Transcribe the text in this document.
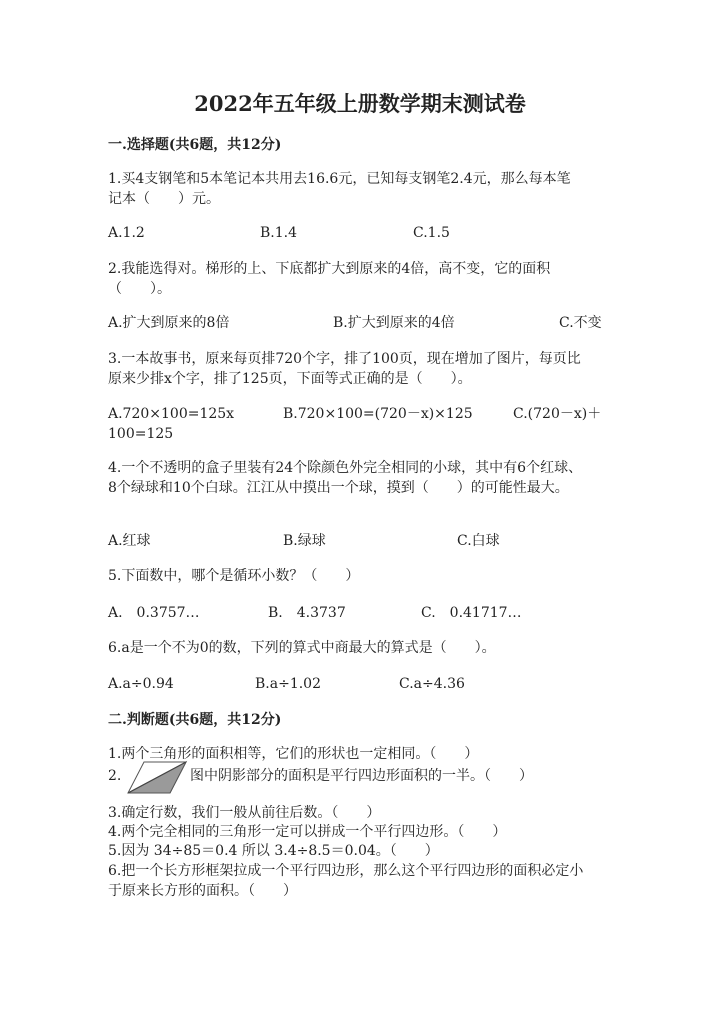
2022年五年级上册数学期末测试卷
一.选择题(共6题，共12分)
1.买4支钢笔和5本笔记本共用去16.6元，已知每支钢笔2.4元，那么每本笔
记本（　　）元。
A.1.2	B.1.4	C.1.5
2.我能选得对。梯形的上、下底都扩大到原来的4倍，高不变，它的面积
（　　）。
A.扩大到原来的8倍	B.扩大到原来的4倍	C.不变
3.一本故事书，原来每页排720个字，排了100页，现在增加了图片，每页比
原来少排x个字，排了125页，下面等式正确的是（　　）。
A.720×100=125x	B.720×100=(720－x)×125	C.(720－x)＋
100=125
4.一个不透明的盒子里装有24个除颜色外完全相同的小球，其中有6个红球、
8个绿球和10个白球。江江从中摸出一个球，摸到（　　）的可能性最大。
A.红球	B.绿球	C.白球
5.下面数中，哪个是循环小数？（　　）
A.　0.3757…	B.　4.3737	C.　0.41717…
6.a是一个不为0的数，下列的算式中商最大的算式是（　　）。
A.a÷0.94	B.a÷1.02	C.a÷4.36
二.判断题(共6题，共12分)
1.两个三角形的面积相等，它们的形状也一定相同。（　　）
2.	图中阴影部分的面积是平行四边形面积的一半。（　　）
3.确定行数，我们一般从前往后数。（　　）
4.两个完全相同的三角形一定可以拼成一个平行四边形。（　　）
5.因为 34÷85＝0.4 所以 3.4÷8.5＝0.04。（　　）
6.把一个长方形框架拉成一个平行四边形，那么这个平行四边形的面积必定小
于原来长方形的面积。（　　）
